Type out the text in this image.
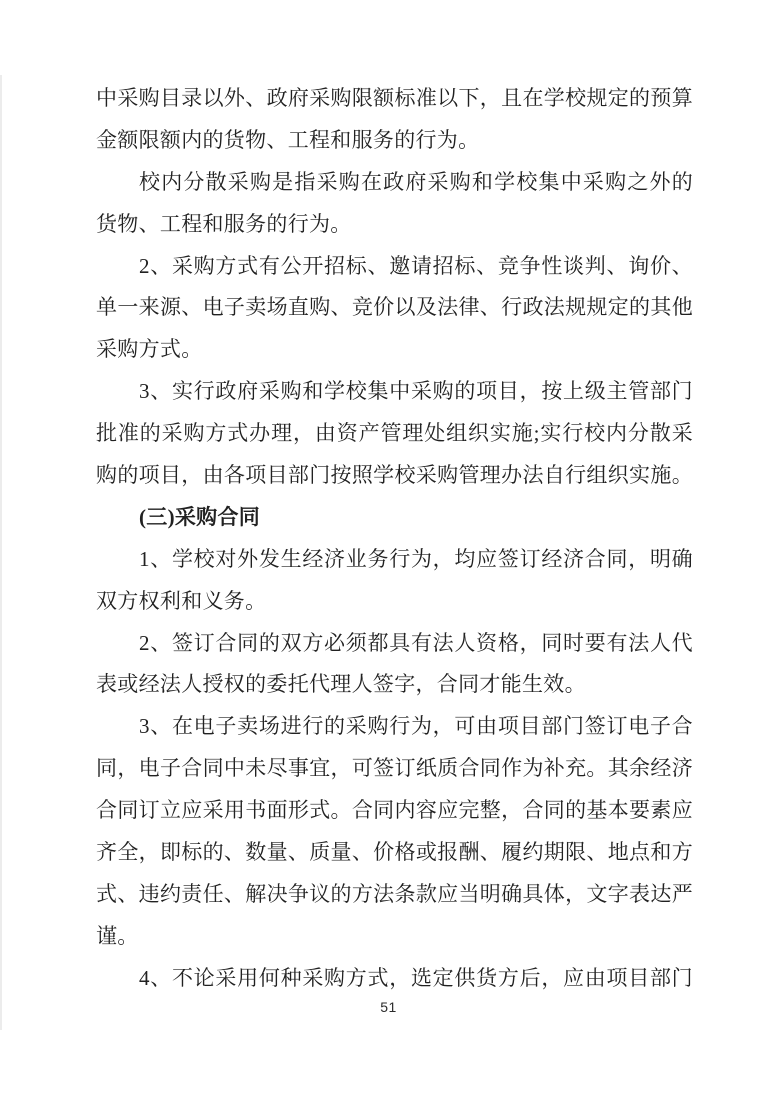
中采购目录以外、政府采购限额标准以下，且在学校规定的预算
金额限额内的货物、工程和服务的行为。
校内分散采购是指采购在政府采购和学校集中采购之外的
货物、工程和服务的行为。
2、采购方式有公开招标、邀请招标、竞争性谈判、询价、
单一来源、电子卖场直购、竞价以及法律、行政法规规定的其他
采购方式。
3、实行政府采购和学校集中采购的项目，按上级主管部门
批准的采购方式办理，由资产管理处组织实施;实行校内分散采
购的项目，由各项目部门按照学校采购管理办法自行组织实施。
(三)采购合同
1、学校对外发生经济业务行为，均应签订经济合同，明确
双方权利和义务。
2、签订合同的双方必须都具有法人资格，同时要有法人代
表或经法人授权的委托代理人签字，合同才能生效。
3、在电子卖场进行的采购行为，可由项目部门签订电子合
同，电子合同中未尽事宜，可签订纸质合同作为补充。其余经济
合同订立应采用书面形式。合同内容应完整，合同的基本要素应
齐全，即标的、数量、质量、价格或报酬、履约期限、地点和方
式、违约责任、解决争议的方法条款应当明确具体，文字表达严
谨。
4、不论采用何种采购方式，选定供货方后，应由项目部门
51
